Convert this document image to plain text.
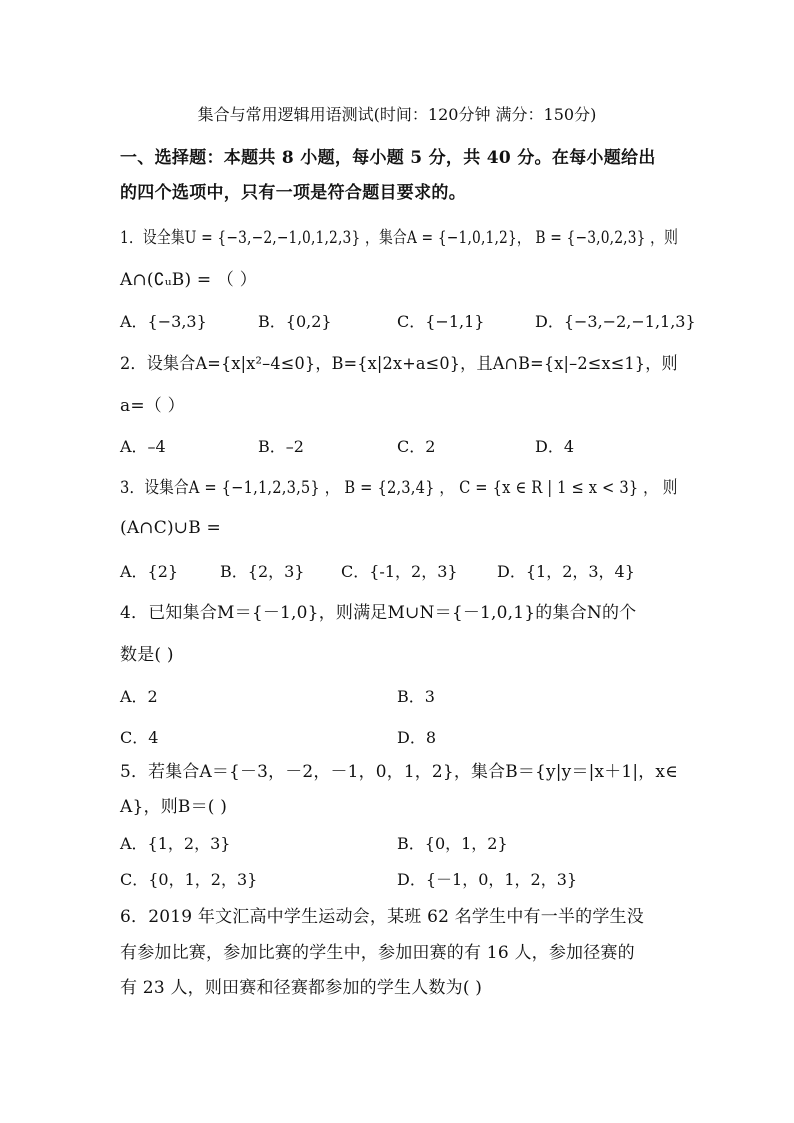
集合与常用逻辑用语测试(时间：120分钟 满分：150分)
一、选择题：本题共 8 小题，每小题 5 分，共 40 分。在每小题给出
的四个选项中，只有一项是符合题目要求的。
1．设全集U = {−3,−2,−1,0,1,2,3} ，集合A = {−1,0,1,2}， B = {−3,0,2,3} ，则
A∩(∁ᵤB) = （ ）
A．{−3,3}	B．{0,2}	C．{−1,1}	D．{−3,−2,−1,1,3}
2．设集合A={x|x²–4≤0}，B={x|2x+a≤0}，且A∩B={x|–2≤x≤1}，则
a=（ ）
A．–4	B．–2	C．2	D．4
3．设集合A = {−1,1,2,3,5} ， B = {2,3,4} ， C = {x ∈ R | 1 ≤ x < 3} ， 则
(A∩C)∪B =
A．{2}	B．{2，3} C．{-1，2，3} D．{1，2，3，4}
4．已知集合M＝{－1,0}，则满足M∪N＝{－1,0,1}的集合N的个
数是( )
A．2	B．3
C．4	D．8
5．若集合A＝{－3，－2，－1，0，1，2}，集合B＝{y|y＝|x＋1|，x∈
A}，则B＝( )
A．{1，2，3}	B．{0，1，2}
C．{0，1，2，3}	D．{－1，0，1，2，3}
6．2019 年文汇高中学生运动会，某班 62 名学生中有一半的学生没
有参加比赛，参加比赛的学生中，参加田赛的有 16 人，参加径赛的
有 23 人，则田赛和径赛都参加的学生人数为( )
